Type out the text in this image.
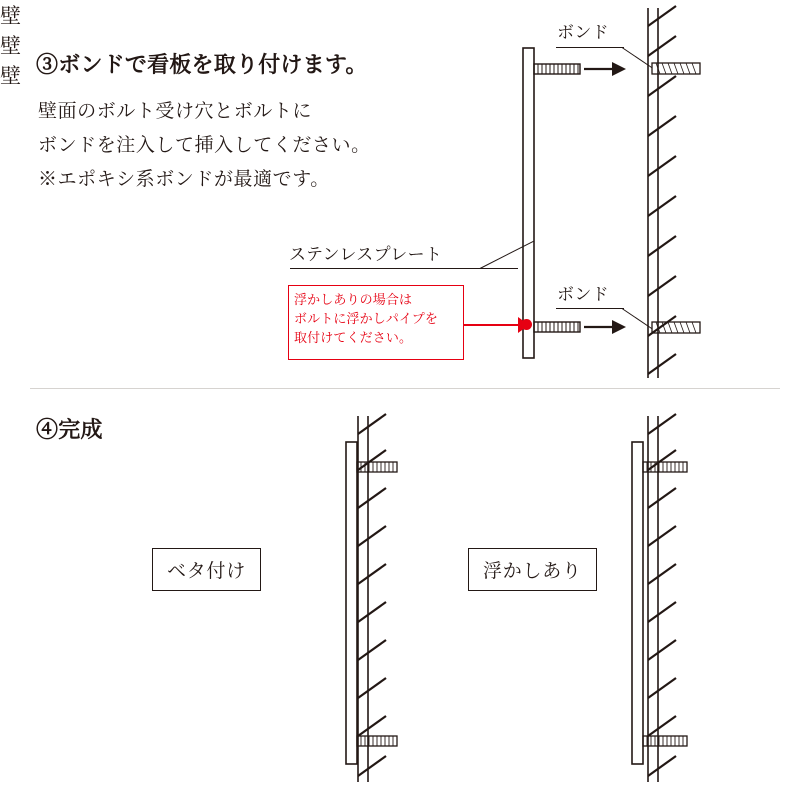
③ボンドで看板を取り付けます。
壁面のボルト受け穴とボルトに
ボンドを注入して挿入してください。
※エポキシ系ボンドが最適です。
ボンド
ボンド
壁
ステンレスプレート
浮かしありの場合は
ボルトに浮かしパイプを
取付けてください。
④完成
ベタ付け	浮かしあり
壁
壁
